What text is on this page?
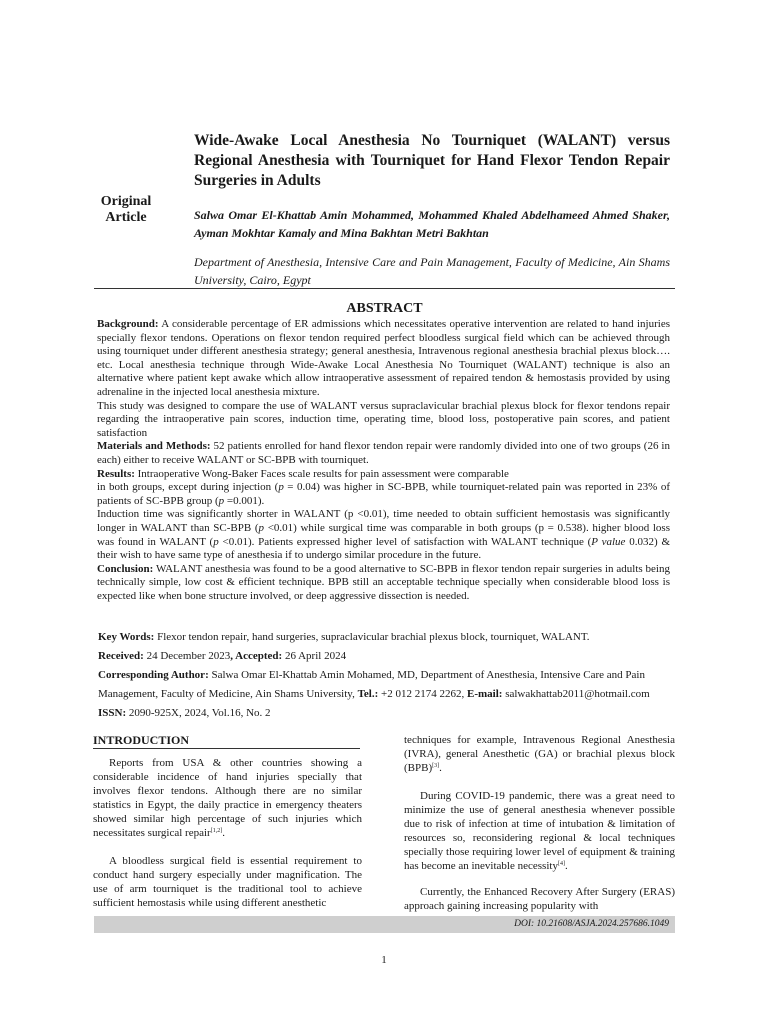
Original
Article
Wide-Awake Local Anesthesia No Tourniquet (WALANT) versus Regional Anesthesia with Tourniquet for Hand Flexor Tendon Repair Surgeries in Adults
Salwa Omar El-Khattab Amin Mohammed, Mohammed Khaled Abdelhameed Ahmed Shaker, Ayman Mokhtar Kamaly and Mina Bakhtan Metri Bakhtan
Department of Anesthesia, Intensive Care and Pain Management, Faculty of Medicine, Ain Shams University, Cairo, Egypt
ABSTRACT

Background: A considerable percentage of ER admissions which necessitates operative intervention are related to hand injuries specially flexor tendons. Operations on flexor tendon required perfect bloodless surgical field which can be achieved through using tourniquet under different anesthesia strategy; general anesthesia, Intravenous regional anesthesia brachial plexus block…. etc. Local anesthesia technique through Wide-Awake Local Anesthesia No Tourniquet (WALANT) technique is also an alternative where patient kept awake which allow intraoperative assessment of repaired tendon & hemostasis provided by using adrenaline in the injected local anesthesia mixture.

This study was designed to compare the use of WALANT versus supraclavicular brachial plexus block for flexor tendons repair regarding the intraoperative pain scores, induction time, operating time, blood loss, postoperative pain scores, and patient satisfaction

Materials and Methods: 52 patients enrolled for hand flexor tendon repair were randomly divided into one of two groups (26 in each) either to receive WALANT or SC-BPB with tourniquet.

Results: Intraoperative Wong-Baker Faces scale results for pain assessment were comparable

in both groups, except during injection (p = 0.04) was higher in SC-BPB, while tourniquet-related pain was reported in 23% of patients of SC-BPB group (p =0.001).

Induction time was significantly shorter in WALANT (p <0.01), time needed to obtain sufficient hemostasis was significantly longer in WALANT than SC-BPB (p <0.01) while surgical time was comparable in both groups (p = 0.538). higher blood loss was found in WALANT (p <0.01). Patients expressed higher level of satisfaction with WALANT technique (P value 0.032) & their wish to have same type of anesthesia if to undergo similar procedure in the future.

Conclusion: WALANT anesthesia was found to be a good alternative to SC-BPB in flexor tendon repair surgeries in adults being technically simple, low cost & efficient technique. BPB still an acceptable technique specially when considerable blood loss is expected like when bone structure involved, or deep aggressive dissection is needed.

Key Words: Flexor tendon repair, hand surgeries, supraclavicular brachial plexus block, tourniquet, WALANT.

Received: 24 December 2023, Accepted: 26 April 2024

Corresponding Author: Salwa Omar El-Khattab Amin Mohamed, MD, Department of Anesthesia, Intensive Care and Pain Management, Faculty of Medicine, Ain Shams University, Tel.: +2 012 2174 2262, E-mail: salwakhattab2011@hotmail.com

ISSN: 2090-925X, 2024, Vol.16, No. 2

INTRODUCTION

Reports from USA & other countries showing a considerable incidence of hand injuries specially that involves flexor tendons. Although there are no similar statistics in Egypt, the daily practice in emergency theaters showed similar high percentage of such injuries which necessitates surgical repair[1,2].

A bloodless surgical field is essential requirement to conduct hand surgery especially under magnification. The use of arm tourniquet is the traditional tool to achieve sufficient hemostasis while using different anesthetic

techniques for example, Intravenous Regional Anesthesia (IVRA), general Anesthetic (GA) or brachial plexus block (BPB)[3].

During COVID-19 pandemic, there was a great need to minimize the use of general anesthesia whenever possible due to risk of infection at time of intubation & limitation of resources so, reconsidering regional & local techniques specially those requiring lower level of equipment & training has become an inevitable necessity[4].

Currently, the Enhanced Recovery After Surgery (ERAS) approach gaining increasing popularity with

DOI: 10.21608/ASJA.2024.257686.1049
1
